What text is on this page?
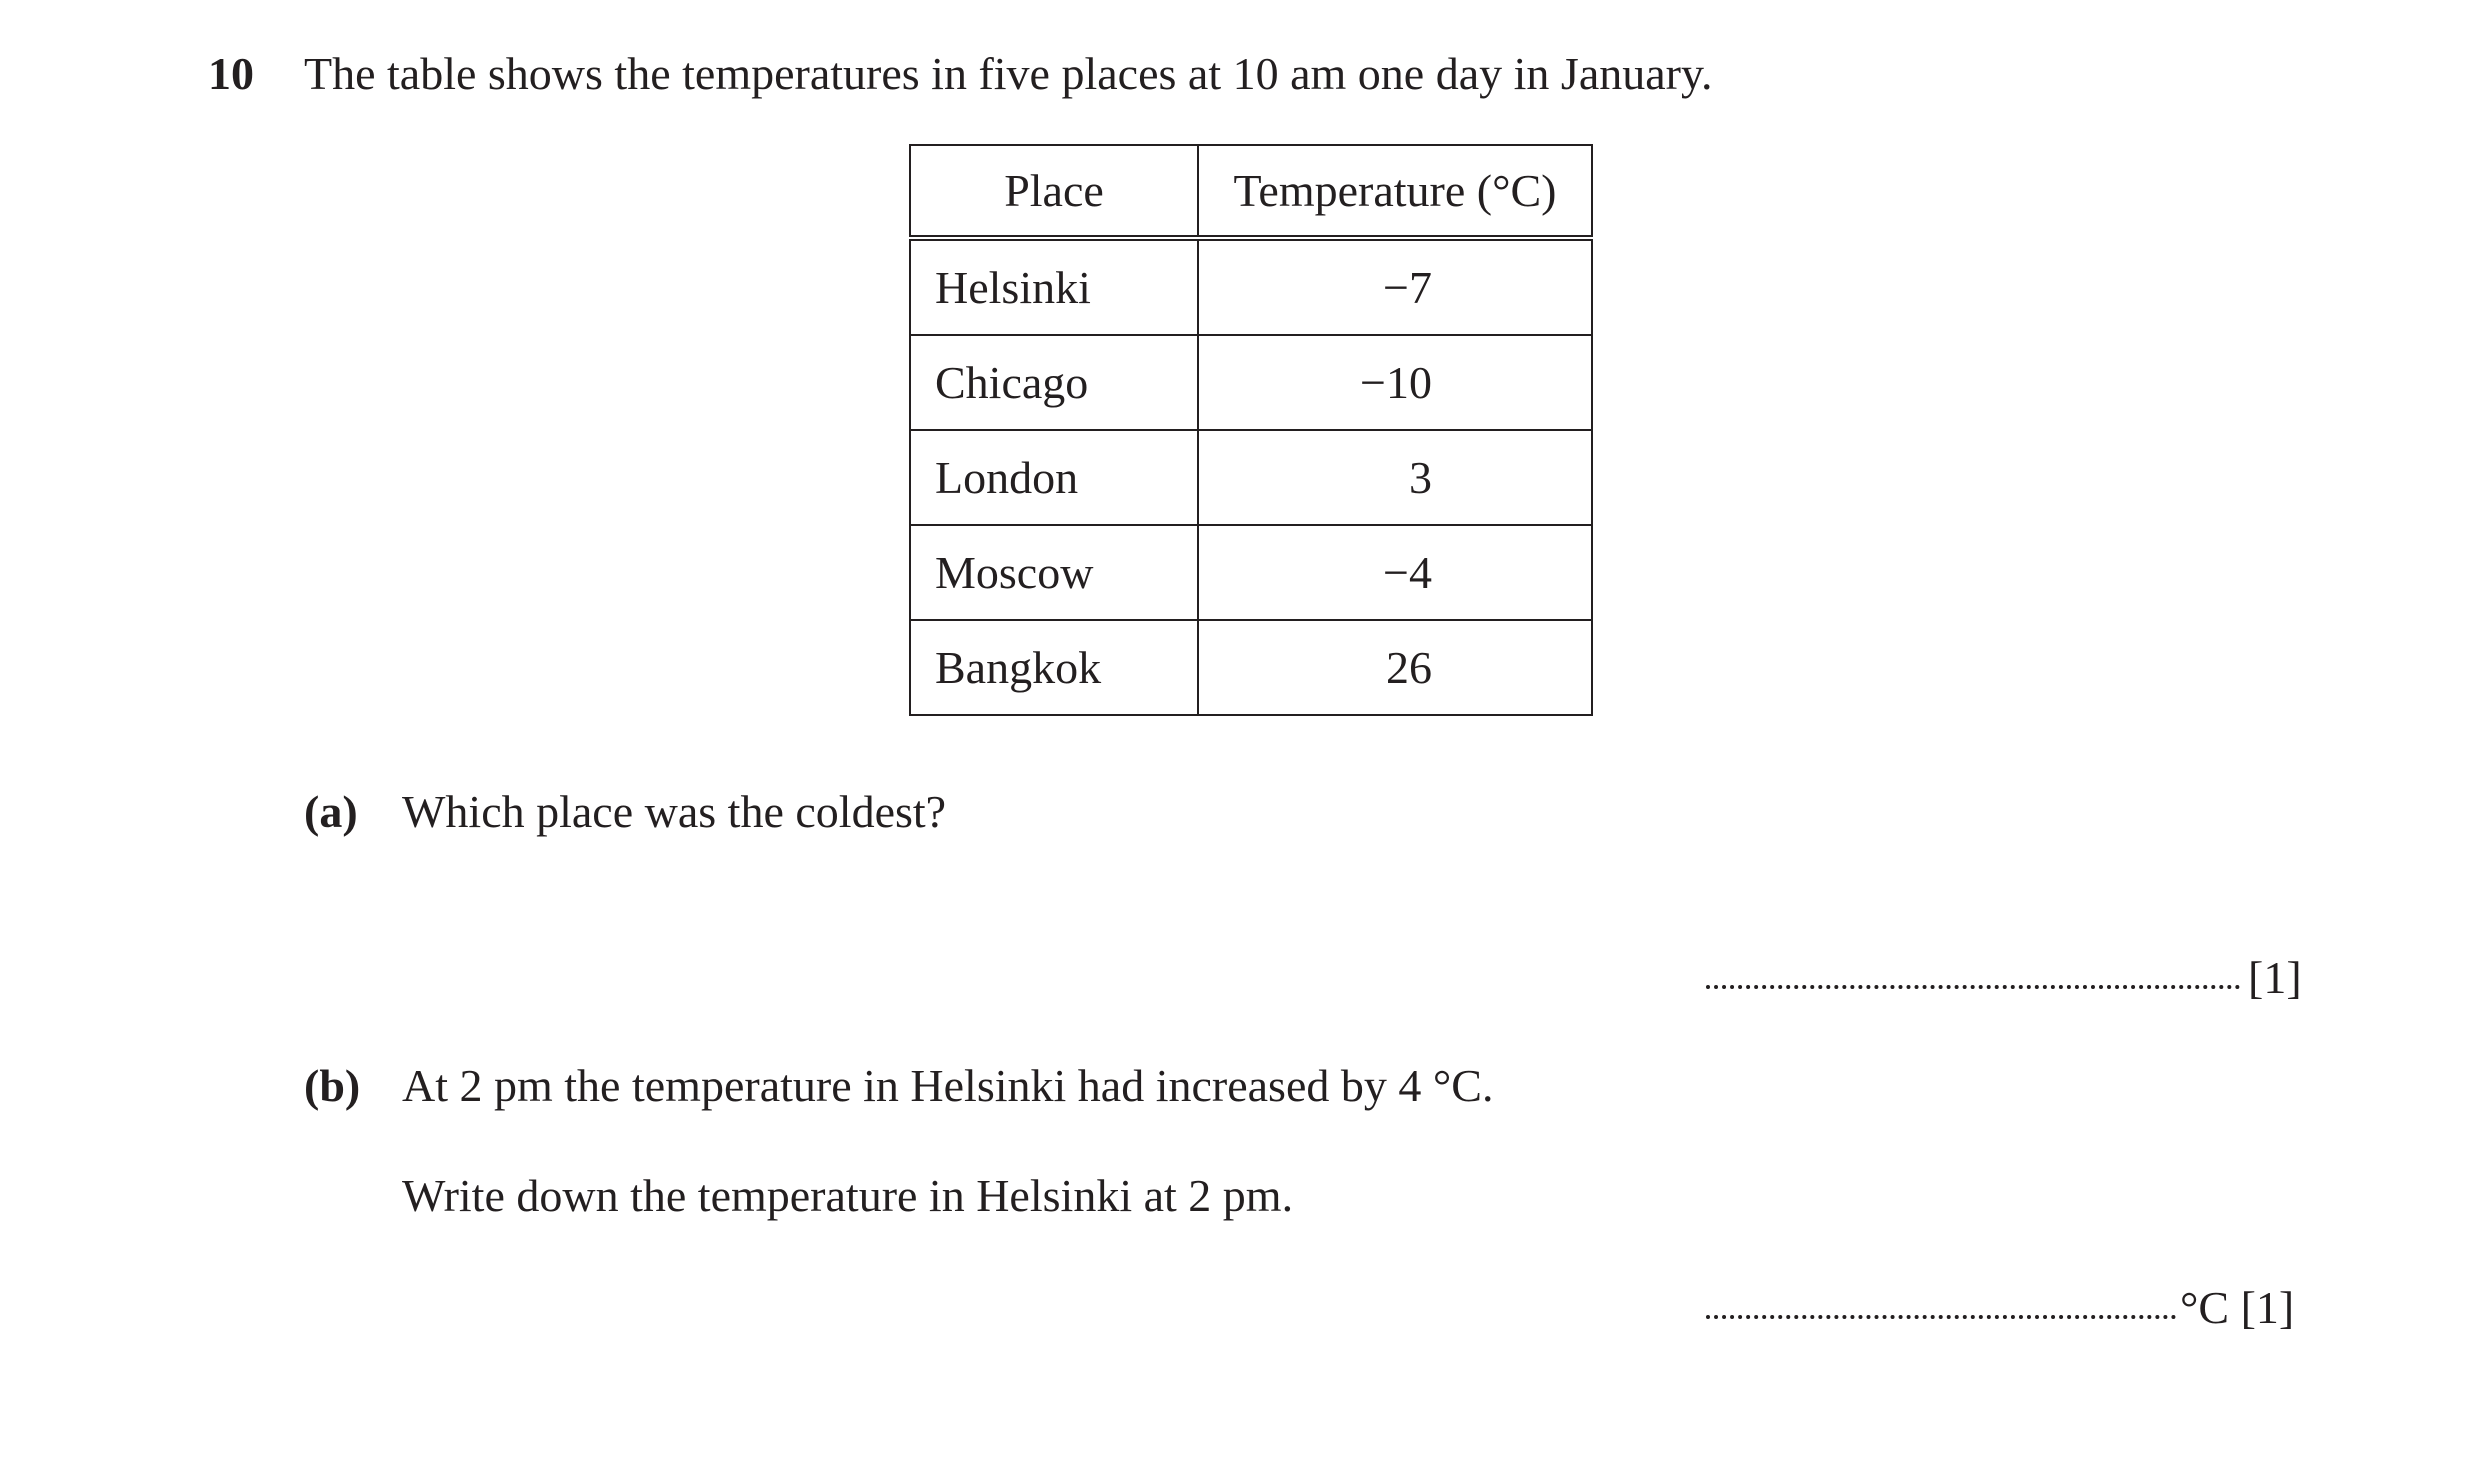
10 The table shows the temperatures in five places at 10 am one day in January.
Place	Temperature (°C)
Helsinki	−7
Chicago	−10
London	3
Moscow	−4
Bangkok	26
(a) Which place was the coldest?
[1]
(b) At 2 pm the temperature in Helsinki had increased by 4 °C.
Write down the temperature in Helsinki at 2 pm.
°C [1]
